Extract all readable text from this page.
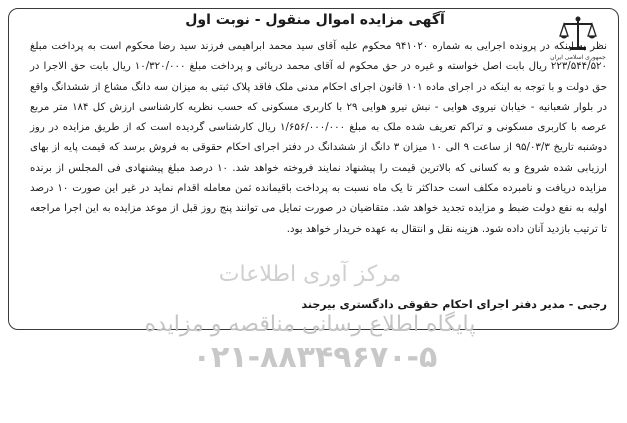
مرکز آوری اطلاعات
پایگاه اطلاع رسانی مناقصه و مزایده
۰۲۱-۸۸۳۴۹۶۷۰-۵
جمهوری اسلامی ایران
آگهی مزایده اموال منقول - نوبت اول

نظر به اینکه در پرونده اجرایی به شماره ۹۴۱۰۲۰ محکوم علیه آقای سید محمد ابراهیمی فرزند سید رضا محکوم است به پرداخت مبلغ ۲۲۳/۵۴۴/۵۲۰ ریال بابت اصل خواسته و غیره در حق محکوم له آقای محمد دریائی و پرداخت مبلغ ۱۰/۳۲۰/۰۰۰ ریال بابت حق الاجرا در حق دولت و با توجه به اینکه در اجرای ماده ۱۰۱ قانون اجرای احکام مدنی ملک فاقد پلاک ثبتی به میزان سه دانگ مشاع از ششدانگ واقع در بلوار شعبانیه - خیابان نیروی هوایی - نبش نیرو هوایی ۲۹ با کاربری مسکونی که حسب نظریه کارشناسی ارزش کل ۱۸۴ متر مربع عرصه با کاربری مسکونی و تراکم تعریف شده ملک به مبلغ ۱/۶۵۶/۰۰۰/۰۰۰ ریال کارشناسی گردیده است که از طریق مزایده در روز دوشنبه تاریخ ۹۵/۰۳/۳ از ساعت ۹ الی ۱۰ میزان ۳ دانگ از ششدانگ در دفتر اجرای احکام حقوقی به فروش برسد که قیمت پایه از بهای ارزیابی شده شروع و به کسانی که بالاترین قیمت را پیشنهاد نمایند فروخته خواهد شد. ۱۰ درصد مبلغ پیشنهادی فی المجلس از برنده مزایده دریافت و نامبرده مکلف است حداکثر تا یک ماه نسبت به پرداخت باقیمانده ثمن معامله اقدام نماید در غیر این صورت ۱۰ درصد اولیه به نفع دولت ضبط و مزایده تجدید خواهد شد. متقاضیان در صورت تمایل می توانند پنج روز قبل از موعد مزایده به این اجرا مراجعه تا ترتیب بازدید آنان داده شود. هزینه نقل و انتقال به عهده خریدار خواهد بود.

رجبی - مدیر دفتر اجرای احکام حقوقی دادگستری بیرجند
